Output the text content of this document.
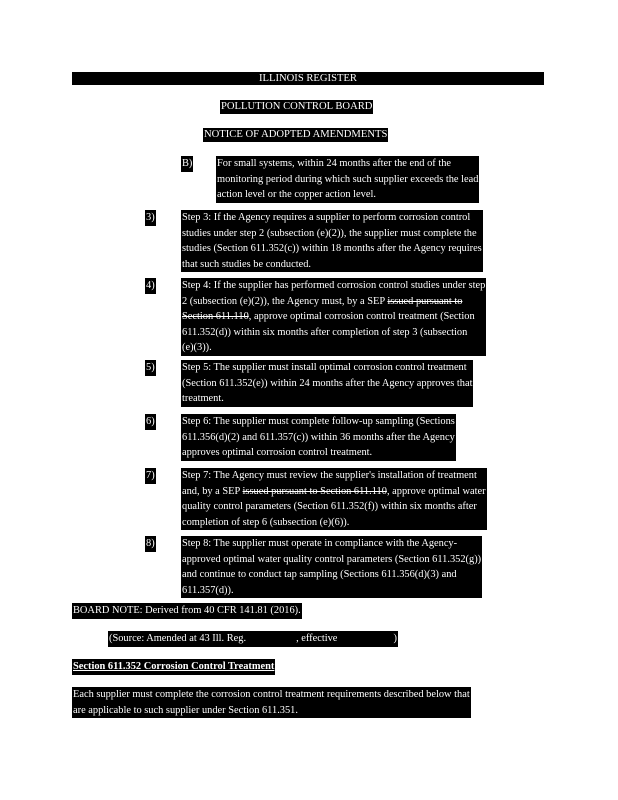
ILLINOIS REGISTER
POLLUTION CONTROL BOARD
NOTICE OF ADOPTED AMENDMENTS
B) For small systems, within 24 months after the end of the
monitoring period during which such supplier exceeds the lead
action level or the copper action level.
3)	Step 3: If the Agency requires a supplier to perform corrosion control
studies under step 2 (subsection (e)(2)), the supplier must complete the
studies (Section 611.352(c)) within 18 months after the Agency requires
that such studies be conducted.
4)	Step 4: If the supplier has performed corrosion control studies under step
2 (subsection (e)(2)), the Agency must, by a SEP issued pursuant to
Section 611.110, approve optimal corrosion control treatment (Section
611.352(d)) within six months after completion of step 3 (subsection
(e)(3)).
5)	Step 5: The supplier must install optimal corrosion control treatment
(Section 611.352(e)) within 24 months after the Agency approves that
treatment.
6)	Step 6: The supplier must complete follow-up sampling (Sections
611.356(d)(2) and 611.357(c)) within 36 months after the Agency
approves optimal corrosion control treatment.
7)	Step 7: The Agency must review the supplier's installation of treatment
and, by a SEP issued pursuant to Section 611.110, approve optimal water
quality control parameters (Section 611.352(f)) within six months after
completion of step 6 (subsection (e)(6)).
8)	Step 8: The supplier must operate in compliance with the Agency-
approved optimal water quality control parameters (Section 611.352(g))
and continue to conduct tap sampling (Sections 611.356(d)(3) and
611.357(d)).
BOARD NOTE: Derived from 40 CFR 141.81 (2016).
(Source: Amended at 43 Ill. Reg.	, effective	)
Section 611.352 Corrosion Control Treatment
Each supplier must complete the corrosion control treatment requirements described below that
are applicable to such supplier under Section 611.351.
